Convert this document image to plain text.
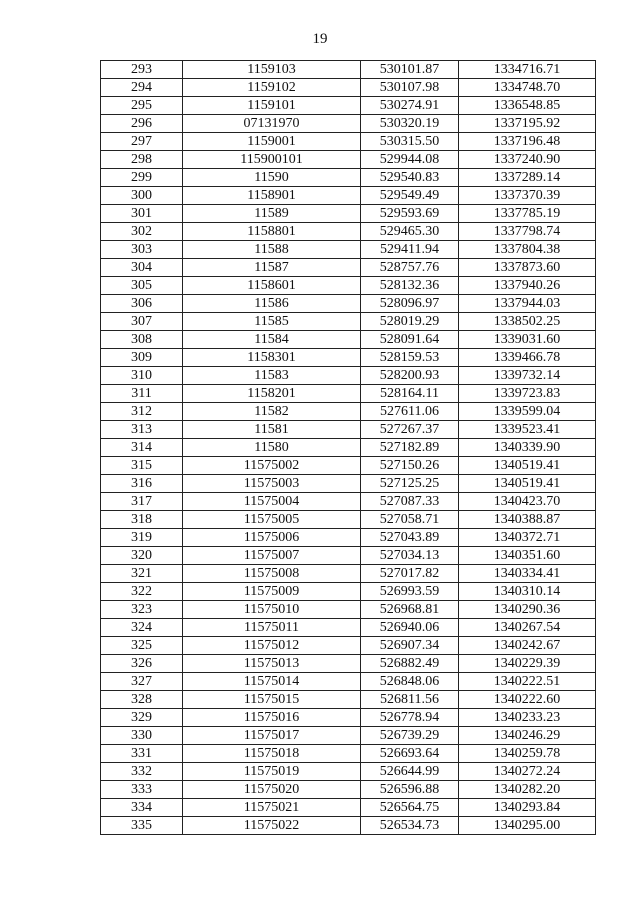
19
293	1159103	530101.87	1334716.71
294	1159102	530107.98	1334748.70
295	1159101	530274.91	1336548.85
296	07131970	530320.19	1337195.92
297	1159001	530315.50	1337196.48
298	115900101	529944.08	1337240.90
299	11590	529540.83	1337289.14
300	1158901	529549.49	1337370.39
301	11589	529593.69	1337785.19
302	1158801	529465.30	1337798.74
303	11588	529411.94	1337804.38
304	11587	528757.76	1337873.60
305	1158601	528132.36	1337940.26
306	11586	528096.97	1337944.03
307	11585	528019.29	1338502.25
308	11584	528091.64	1339031.60
309	1158301	528159.53	1339466.78
310	11583	528200.93	1339732.14
311	1158201	528164.11	1339723.83
312	11582	527611.06	1339599.04
313	11581	527267.37	1339523.41
314	11580	527182.89	1340339.90
315	11575002	527150.26	1340519.41
316	11575003	527125.25	1340519.41
317	11575004	527087.33	1340423.70
318	11575005	527058.71	1340388.87
319	11575006	527043.89	1340372.71
320	11575007	527034.13	1340351.60
321	11575008	527017.82	1340334.41
322	11575009	526993.59	1340310.14
323	11575010	526968.81	1340290.36
324	11575011	526940.06	1340267.54
325	11575012	526907.34	1340242.67
326	11575013	526882.49	1340229.39
327	11575014	526848.06	1340222.51
328	11575015	526811.56	1340222.60
329	11575016	526778.94	1340233.23
330	11575017	526739.29	1340246.29
331	11575018	526693.64	1340259.78
332	11575019	526644.99	1340272.24
333	11575020	526596.88	1340282.20
334	11575021	526564.75	1340293.84
335	11575022	526534.73	1340295.00
